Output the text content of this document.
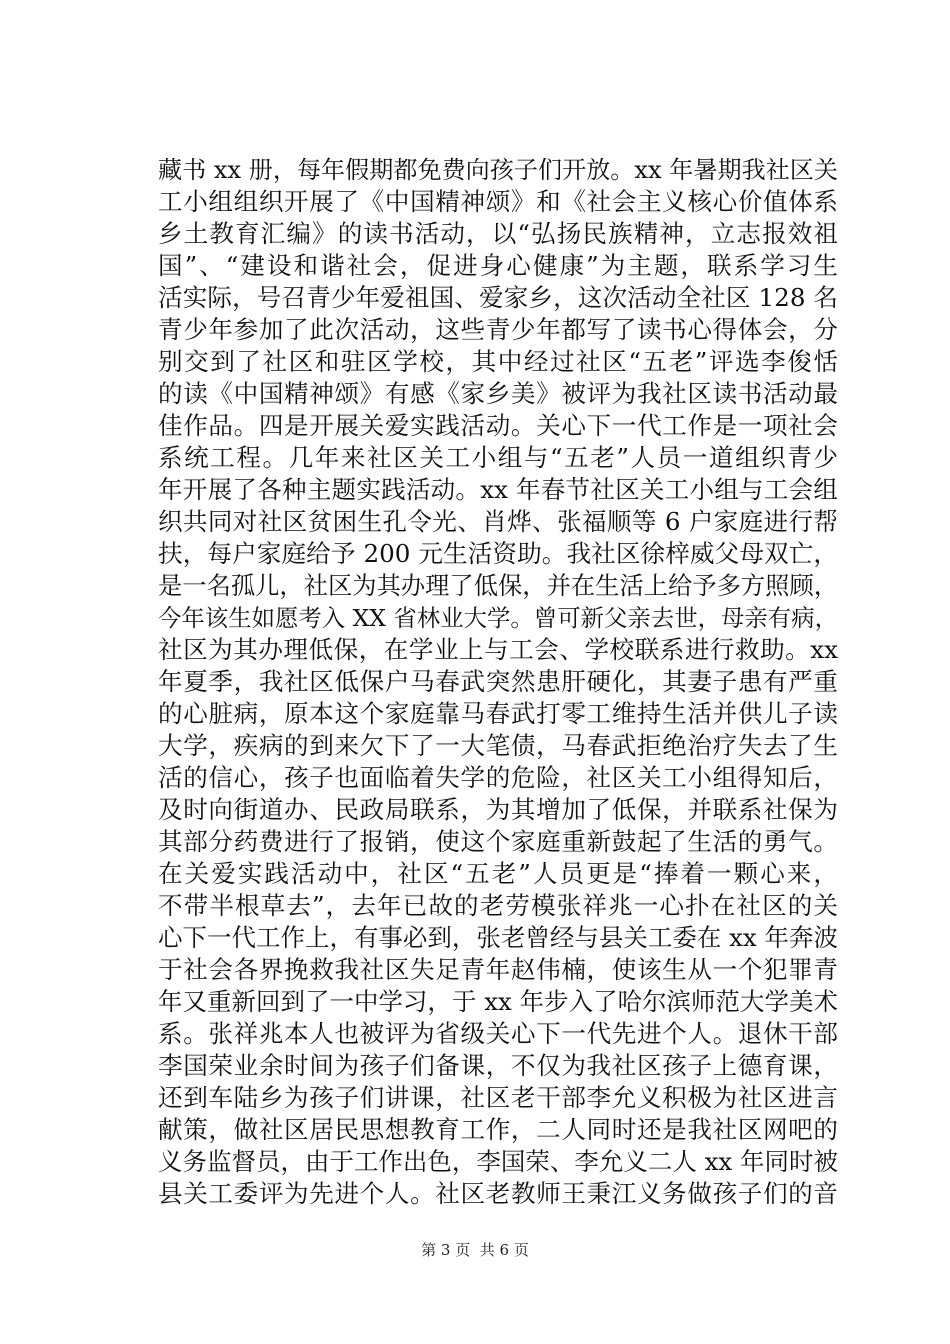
藏书 xx 册，每年假期都免费向孩子们开放。xx 年暑期我社区关
工小组组织开展了《中国精神颂》和《社会主义核心价值体系
乡土教育汇编》的读书活动，以“弘扬民族精神，立志报效祖
国”、“建设和谐社会，促进身心健康”为主题，联系学习生
活实际，号召青少年爱祖国、爱家乡，这次活动全社区 128 名
青少年参加了此次活动，这些青少年都写了读书心得体会，分
别交到了社区和驻区学校，其中经过社区“五老”评选李俊恬
的读《中国精神颂》有感《家乡美》被评为我社区读书活动最
佳作品。四是开展关爱实践活动。关心下一代工作是一项社会
系统工程。几年来社区关工小组与“五老”人员一道组织青少
年开展了各种主题实践活动。xx 年春节社区关工小组与工会组
织共同对社区贫困生孔令光、肖烨、张福顺等 6 户家庭进行帮
扶，每户家庭给予 200 元生活资助。我社区徐梓威父母双亡，
是一名孤儿，社区为其办理了低保，并在生活上给予多方照顾，
今年该生如愿考入 XX 省林业大学。曾可新父亲去世，母亲有病，
社区为其办理低保，在学业上与工会、学校联系进行救助。xx
年夏季，我社区低保户马春武突然患肝硬化，其妻子患有严重
的心脏病，原本这个家庭靠马春武打零工维持生活并供儿子读
大学，疾病的到来欠下了一大笔债，马春武拒绝治疗失去了生
活的信心，孩子也面临着失学的危险，社区关工小组得知后，
及时向街道办、民政局联系，为其增加了低保，并联系社保为
其部分药费进行了报销，使这个家庭重新鼓起了生活的勇气。
在关爱实践活动中，社区“五老”人员更是“捧着一颗心来，
不带半根草去”，去年已故的老劳模张祥兆一心扑在社区的关
心下一代工作上，有事必到，张老曾经与县关工委在 xx 年奔波
于社会各界挽救我社区失足青年赵伟楠，使该生从一个犯罪青
年又重新回到了一中学习，于 xx 年步入了哈尔滨师范大学美术
系。张祥兆本人也被评为省级关心下一代先进个人。退休干部
李国荣业余时间为孩子们备课，不仅为我社区孩子上德育课，
还到车陆乡为孩子们讲课，社区老干部李允义积极为社区进言
献策，做社区居民思想教育工作，二人同时还是我社区网吧的
义务监督员，由于工作出色，李国荣、李允义二人 xx 年同时被
县关工委评为先进个人。社区老教师王秉江义务做孩子们的音
第 3 页  共 6 页
